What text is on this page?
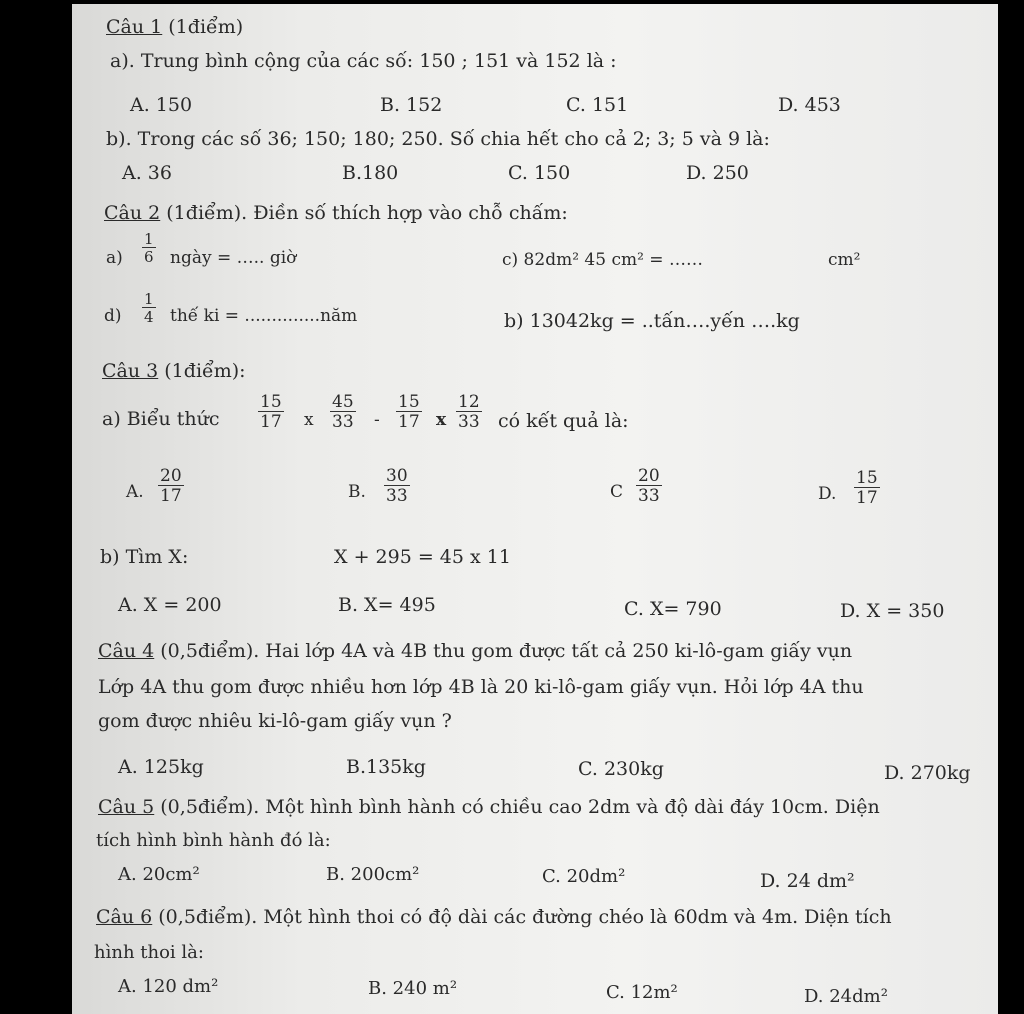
Câu 1 (1điểm)
a). Trung bình cộng của các số: 150 ; 151 và 152 là :
A. 150	B. 152	C. 151	D. 453
b). Trong các số 36; 150; 180; 250. Số chia hết cho cả 2; 3; 5 và 9 là:
A. 36	B.180	C. 150	D. 250
Câu 2 (1điểm). Điền số thích hợp vào chỗ chấm:
$a) \frac{1}{6}$ ngày = ….. giờ	c) 82dm² 45 cm² = ……	cm²
$d) \frac{1}{4}$ thế ki = ..............năm	b) 13042kg = ..tấn….yến ….kg
Câu 3 (1điểm):
a) Biểu thức $\frac{15}{17}$ x $\frac{45}{33} - \frac{15}{17}$ x $\frac{12}{33}$ có kết quả là:
A. $\frac{20}{17}$	B. $\frac{30}{33}$	C $\frac{20}{33}$	D. $\frac{15}{17}$
b) Tìm X:	X + 295 = 45 x 11
A. X = 200	B. X= 495	C. X= 790	D. X = 350
Câu 4 (0,5điểm). Hai lớp 4A và 4B thu gom được tất cả 250 ki-lô-gam giấy vụn
Lớp 4A thu gom được nhiều hơn lớp 4B là 20 ki-lô-gam giấy vụn. Hỏi lớp 4A thu
gom được nhiêu ki-lô-gam giấy vụn ?
A. 125kg	B.135kg	C. 230kg	D. 270kg
Câu 5 (0,5điểm). Một hình bình hành có chiều cao 2dm và độ dài đáy 10cm. Diện
tích hình bình hành đó là:
A. 20cm²	B. 200cm²	C. 20dm²	D. 24 dm²
Câu 6 (0,5điểm). Một hình thoi có độ dài các đường chéo là 60dm và 4m. Diện tích
hình thoi là:
A. 120 dm²	B. 240 m²	C. 12m²	D. 24dm²
